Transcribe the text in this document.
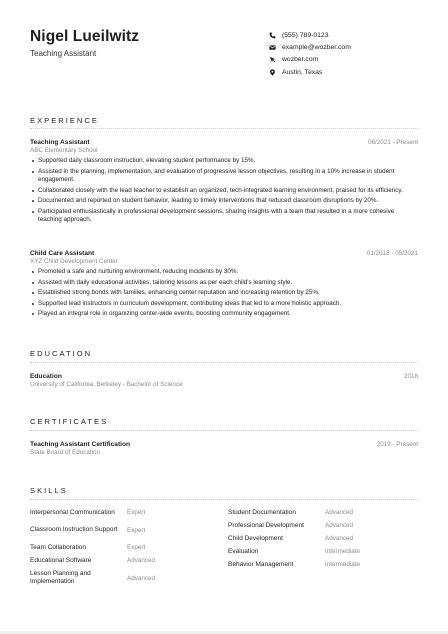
Nigel Lueilwitz
Teaching Assistant
(555) 789-0123
example@wozber.com
wozber.com
Austin, Texas
EXPERIENCE
Teaching Assistant	06/2021 - Present
ABC Elementary School
Supported daily classroom instruction, elevating student performance by 15%.
Assisted in the planning, implementation, and evaluation of progressive lesson objectives, resulting in a 10% increase in student engagement.
Collaborated closely with the lead teacher to establish an organized, tech-integrated learning environment, praised for its efficiency.
Documented and reported on student behavior, leading to timely interventions that reduced classroom disruptions by 20%.
Participated enthusiastically in professional development sessions, sharing insights with a team that resulted in a more cohesive teaching approach.
Child Care Assistant	01/2018 - 05/2021
XYZ Child Development Center
Promoted a safe and nurturing environment, reducing incidents by 30%.
Assisted with daily educational activities, tailoring lessons as per each child's learning style.
Established strong bonds with families, enhancing center reputation and increasing retention by 25%.
Supported lead instructors in curriculum development, contributing ideas that led to a more holistic approach.
Played an integral role in organizing center-wide events, boosting community engagement.
EDUCATION
Education	2018
University of California, Berkeley - Bachelor of Science
CERTIFICATES
Teaching Assistant Certification	2019 - Present
State Board of Education
SKILLS
Interpersonal Communication	Expert
Classroom Instruction Support	Expert
Team Collaboration	Expert
Educational Software	Advanced
Lesson Planning and Implementation	Advanced
Student Documentation	Advanced
Professional Development	Advanced
Child Development	Advanced
Evaluation	Intermediate
Behavior Management	Intermediate
